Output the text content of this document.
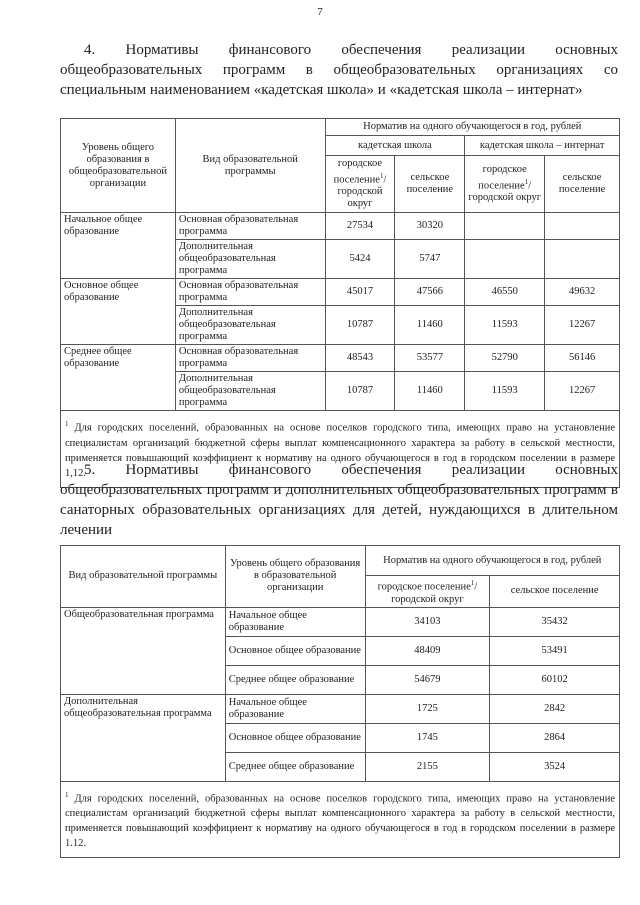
7
4. Нормативы финансового обеспечения реализации основных общеобразовательных программ в общеобразовательных организациях со специальным наименованием «кадетская школа» и «кадетская школа – интернат»
Уровень общего образования в общеобразовательной организации	Вид образовательной программы	Норматив на одного обучающегося в год, рублей			
		кадетская школа		кадетская школа – интернат	
		городское поселение$^1$/ городской округ	сельское поселение	городское поселение$^1$/ городской округ	сельское поселение
Начальное общее образование	Основная образовательная программа	27534	30320		
	Дополнительная общеобразовательная программа	5424	5747		
Основное общее образование	Основная образовательная программа	45017	47566	46550	49632
	Дополнительная общеобразовательная программа	10787	11460	11593	12267
Среднее общее образование	Основная образовательная программа	48543	53577	52790	56146
	Дополнительная общеобразовательная программа	10787	11460	11593	12267
$^1$ Для городских поселений, образованных на основе поселков городского типа, имеющих право на установление специалистам организаций бюджетной сферы выплат компенсационного характера за работу в сельской местности, применяется повышающий коэффициент к нормативу на одного обучающегося в год в городском поселении в размере 1,12.					
5. Нормативы финансового обеспечения реализации основных общеобразовательных программ и дополнительных общеобразовательных программ в санаторных образовательных организациях для детей, нуждающихся в длительном лечении
Вид образовательной программы	Уровень общего образования в образовательной организации	Норматив на одного обучающегося в год, рублей	
		городское поселение$^1$/ городской округ	сельское поселение
Общеобразовательная программа	Начальное общее образование	34103	35432
	Основное общее образование	48409	53491
	Среднее общее образование	54679	60102
Дополнительная общеобразовательная программа	Начальное общее образование	1725	2842
	Основное общее образование	1745	2864
	Среднее общее образование	2155	3524
$^1$ Для городских поселений, образованных на основе поселков городского типа, имеющих право на установление специалистам организаций бюджетной сферы выплат компенсационного характера за работу в сельской местности, применяется повышающий коэффициент к нормативу на одного обучающегося в год в городском поселении в размере 1.12.			
